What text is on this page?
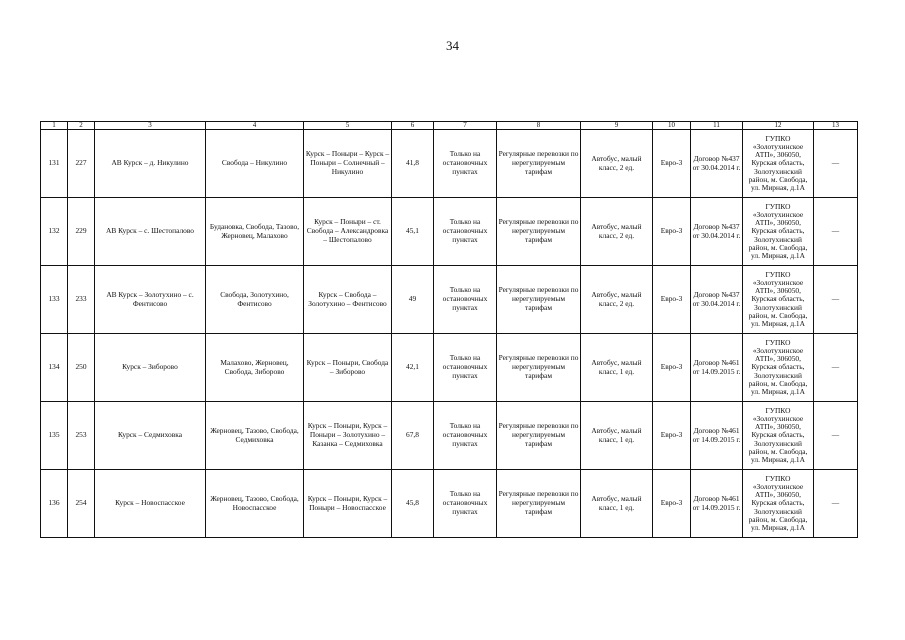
34
1	2	3	4	5	6	7	8	9	10	11	12	13
131	227	АВ Курск – д. Никулино	Свобода – Никулино	Курск – Поныри – Курск – Поныри – Солнечный – Никулино	41,8	Только на остановочных пунктах	Регулярные перевозки по нерегулируемым тарифам	Автобус, малый класс, 2 ед.	Евро-3	Договор №437 от 30.04.2014 г.	ГУПКО «Золотухинское АТП», 306050, Курская область, Золотухинский район, м. Свобода, ул. Мирная, д.1А	—
132	229	АВ Курск – с. Шестопалово	Будановка, Свобода, Тазово, Жерновец, Малахово	Курск – Поныри – ст. Свобода – Александровка – Шестопалово	45,1	Только на остановочных пунктах	Регулярные перевозки по нерегулируемым тарифам	Автобус, малый класс, 2 ед.	Евро-3	Договор №437 от 30.04.2014 г.	ГУПКО «Золотухинское АТП», 306050, Курская область, Золотухинский район, м. Свобода, ул. Мирная, д.1А	—
133	233	АВ Курск – Золотухино – с. Фентисово	Свобода, Золотухино, Фентисово	Курск – Свобода – Золотухино – Фентисово	49	Только на остановочных пунктах	Регулярные перевозки по нерегулируемым тарифам	Автобус, малый класс, 2 ед.	Евро-3	Договор №437 от 30.04.2014 г.	ГУПКО «Золотухинское АТП», 306050, Курская область, Золотухинский район, м. Свобода, ул. Мирная, д.1А	—
134	250	Курск – Зиборово	Малахово, Жерновец, Свобода, Зиборово	Курск – Поныри, Свобода – Зиборово	42,1	Только на остановочных пунктах	Регулярные перевозки по нерегулируемым тарифам	Автобус, малый класс, 1 ед.	Евро-3	Договор №461 от 14.09.2015 г.	ГУПКО «Золотухинское АТП», 306050, Курская область, Золотухинский район, м. Свобода, ул. Мирная, д.1А	—
135	253	Курск – Седмиховка	Жерновец, Тазово, Свобода, Седмиховка	Курск – Поныри, Курск – Поныри – Золотухино – Казанка – Седмиховка	67,8	Только на остановочных пунктах	Регулярные перевозки по нерегулируемым тарифам	Автобус, малый класс, 1 ед.	Евро-3	Договор №461 от 14.09.2015 г.	ГУПКО «Золотухинское АТП», 306050, Курская область, Золотухинский район, м. Свобода, ул. Мирная, д.1А	—
136	254	Курск – Новоспасское	Жерновец, Тазово, Свобода, Новоспасское	Курск – Поныри, Курск – Поныри – Новоспасское	45,8	Только на остановочных пунктах	Регулярные перевозки по нерегулируемым тарифам	Автобус, малый класс, 1 ед.	Евро-3	Договор №461 от 14.09.2015 г.	ГУПКО «Золотухинское АТП», 306050, Курская область, Золотухинский район, м. Свобода, ул. Мирная, д.1А	—
